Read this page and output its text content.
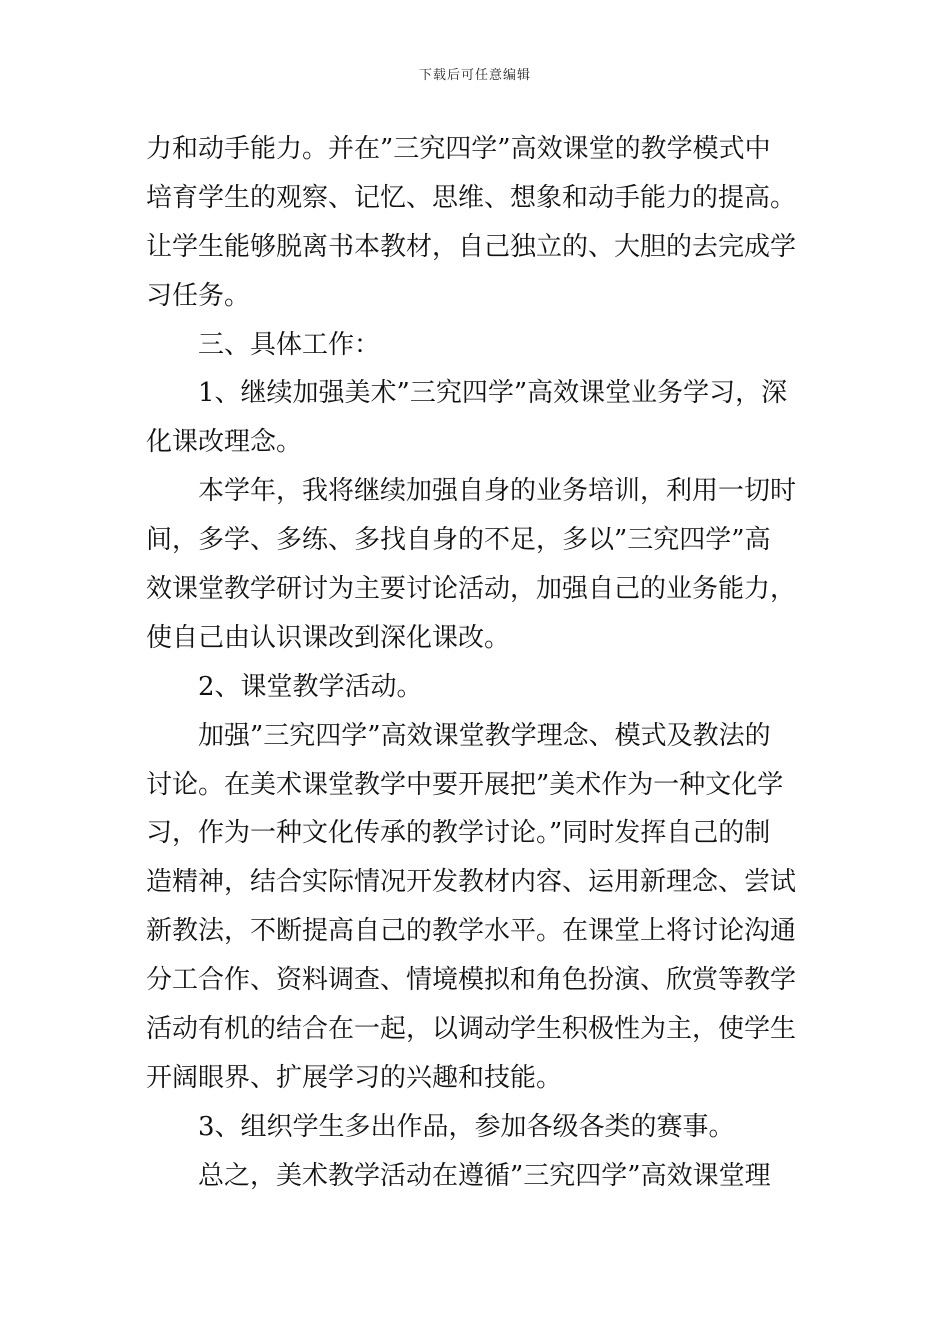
下载后可任意编辑
力和动手能力。并在”三究四学”高效课堂的教学模式中
培育学生的观察、记忆、思维、想象和动手能力的提高。
让学生能够脱离书本教材，自己独立的、大胆的去完成学
习任务。
三、具体工作：
1、继续加强美术”三究四学”高效课堂业务学习，深
化课改理念。
本学年，我将继续加强自身的业务培训，利用一切时
间，多学、多练、多找自身的不足，多以”三究四学”高
效课堂教学研讨为主要讨论活动，加强自己的业务能力，
使自己由认识课改到深化课改。
2、课堂教学活动。
加强”三究四学”高效课堂教学理念、模式及教法的
讨论。在美术课堂教学中要开展把”美术作为一种文化学
习，作为一种文化传承的教学讨论。”同时发挥自己的制
造精神，结合实际情况开发教材内容、运用新理念、尝试
新教法，不断提高自己的教学水平。在课堂上将讨论沟通
分工合作、资料调查、情境模拟和角色扮演、欣赏等教学
活动有机的结合在一起，以调动学生积极性为主，使学生
开阔眼界、扩展学习的兴趣和技能。
3、组织学生多出作品，参加各级各类的赛事。
总之，美术教学活动在遵循”三究四学”高效课堂理
